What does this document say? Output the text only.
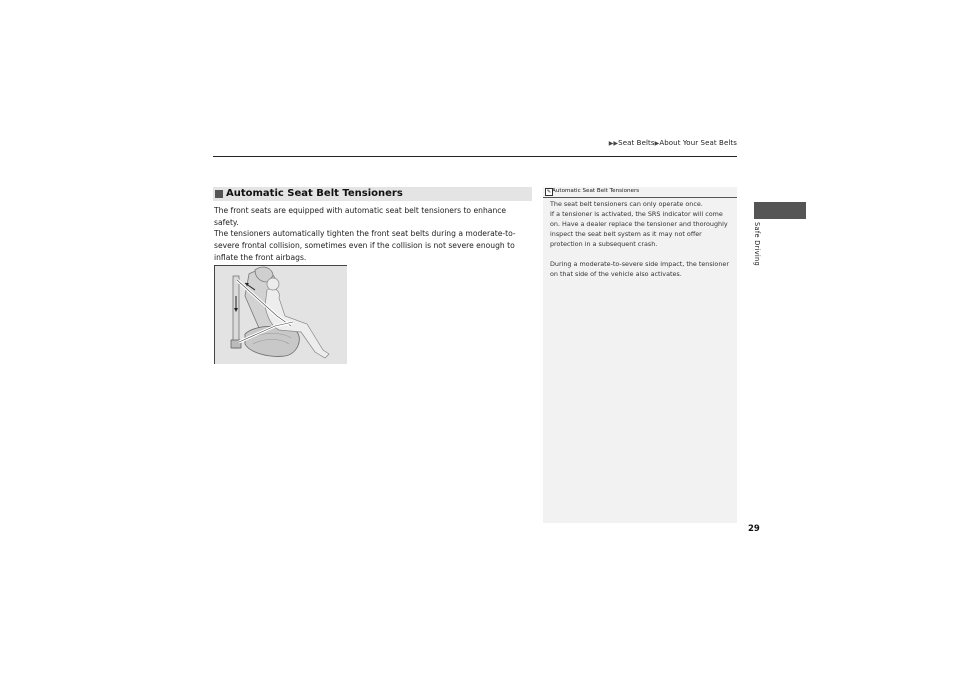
▶▶Seat Belts▶About Your Seat Belts
Automatic Seat Belt Tensioners
The front seats are equipped with automatic seat belt tensioners to enhance safety.
The tensioners automatically tighten the front seat belts during a moderate-to-severe frontal collision, sometimes even if the collision is not severe enough to inflate the front airbags.
✎ Automatic Seat Belt Tensioners
The seat belt tensioners can only operate once.
If a tensioner is activated, the SRS indicator will come on. Have a dealer replace the tensioner and thoroughly inspect the seat belt system as it may not offer protection in a subsequent crash.
During a moderate-to-severe side impact, the tensioner on that side of the vehicle also activates.
Safe Driving
29
